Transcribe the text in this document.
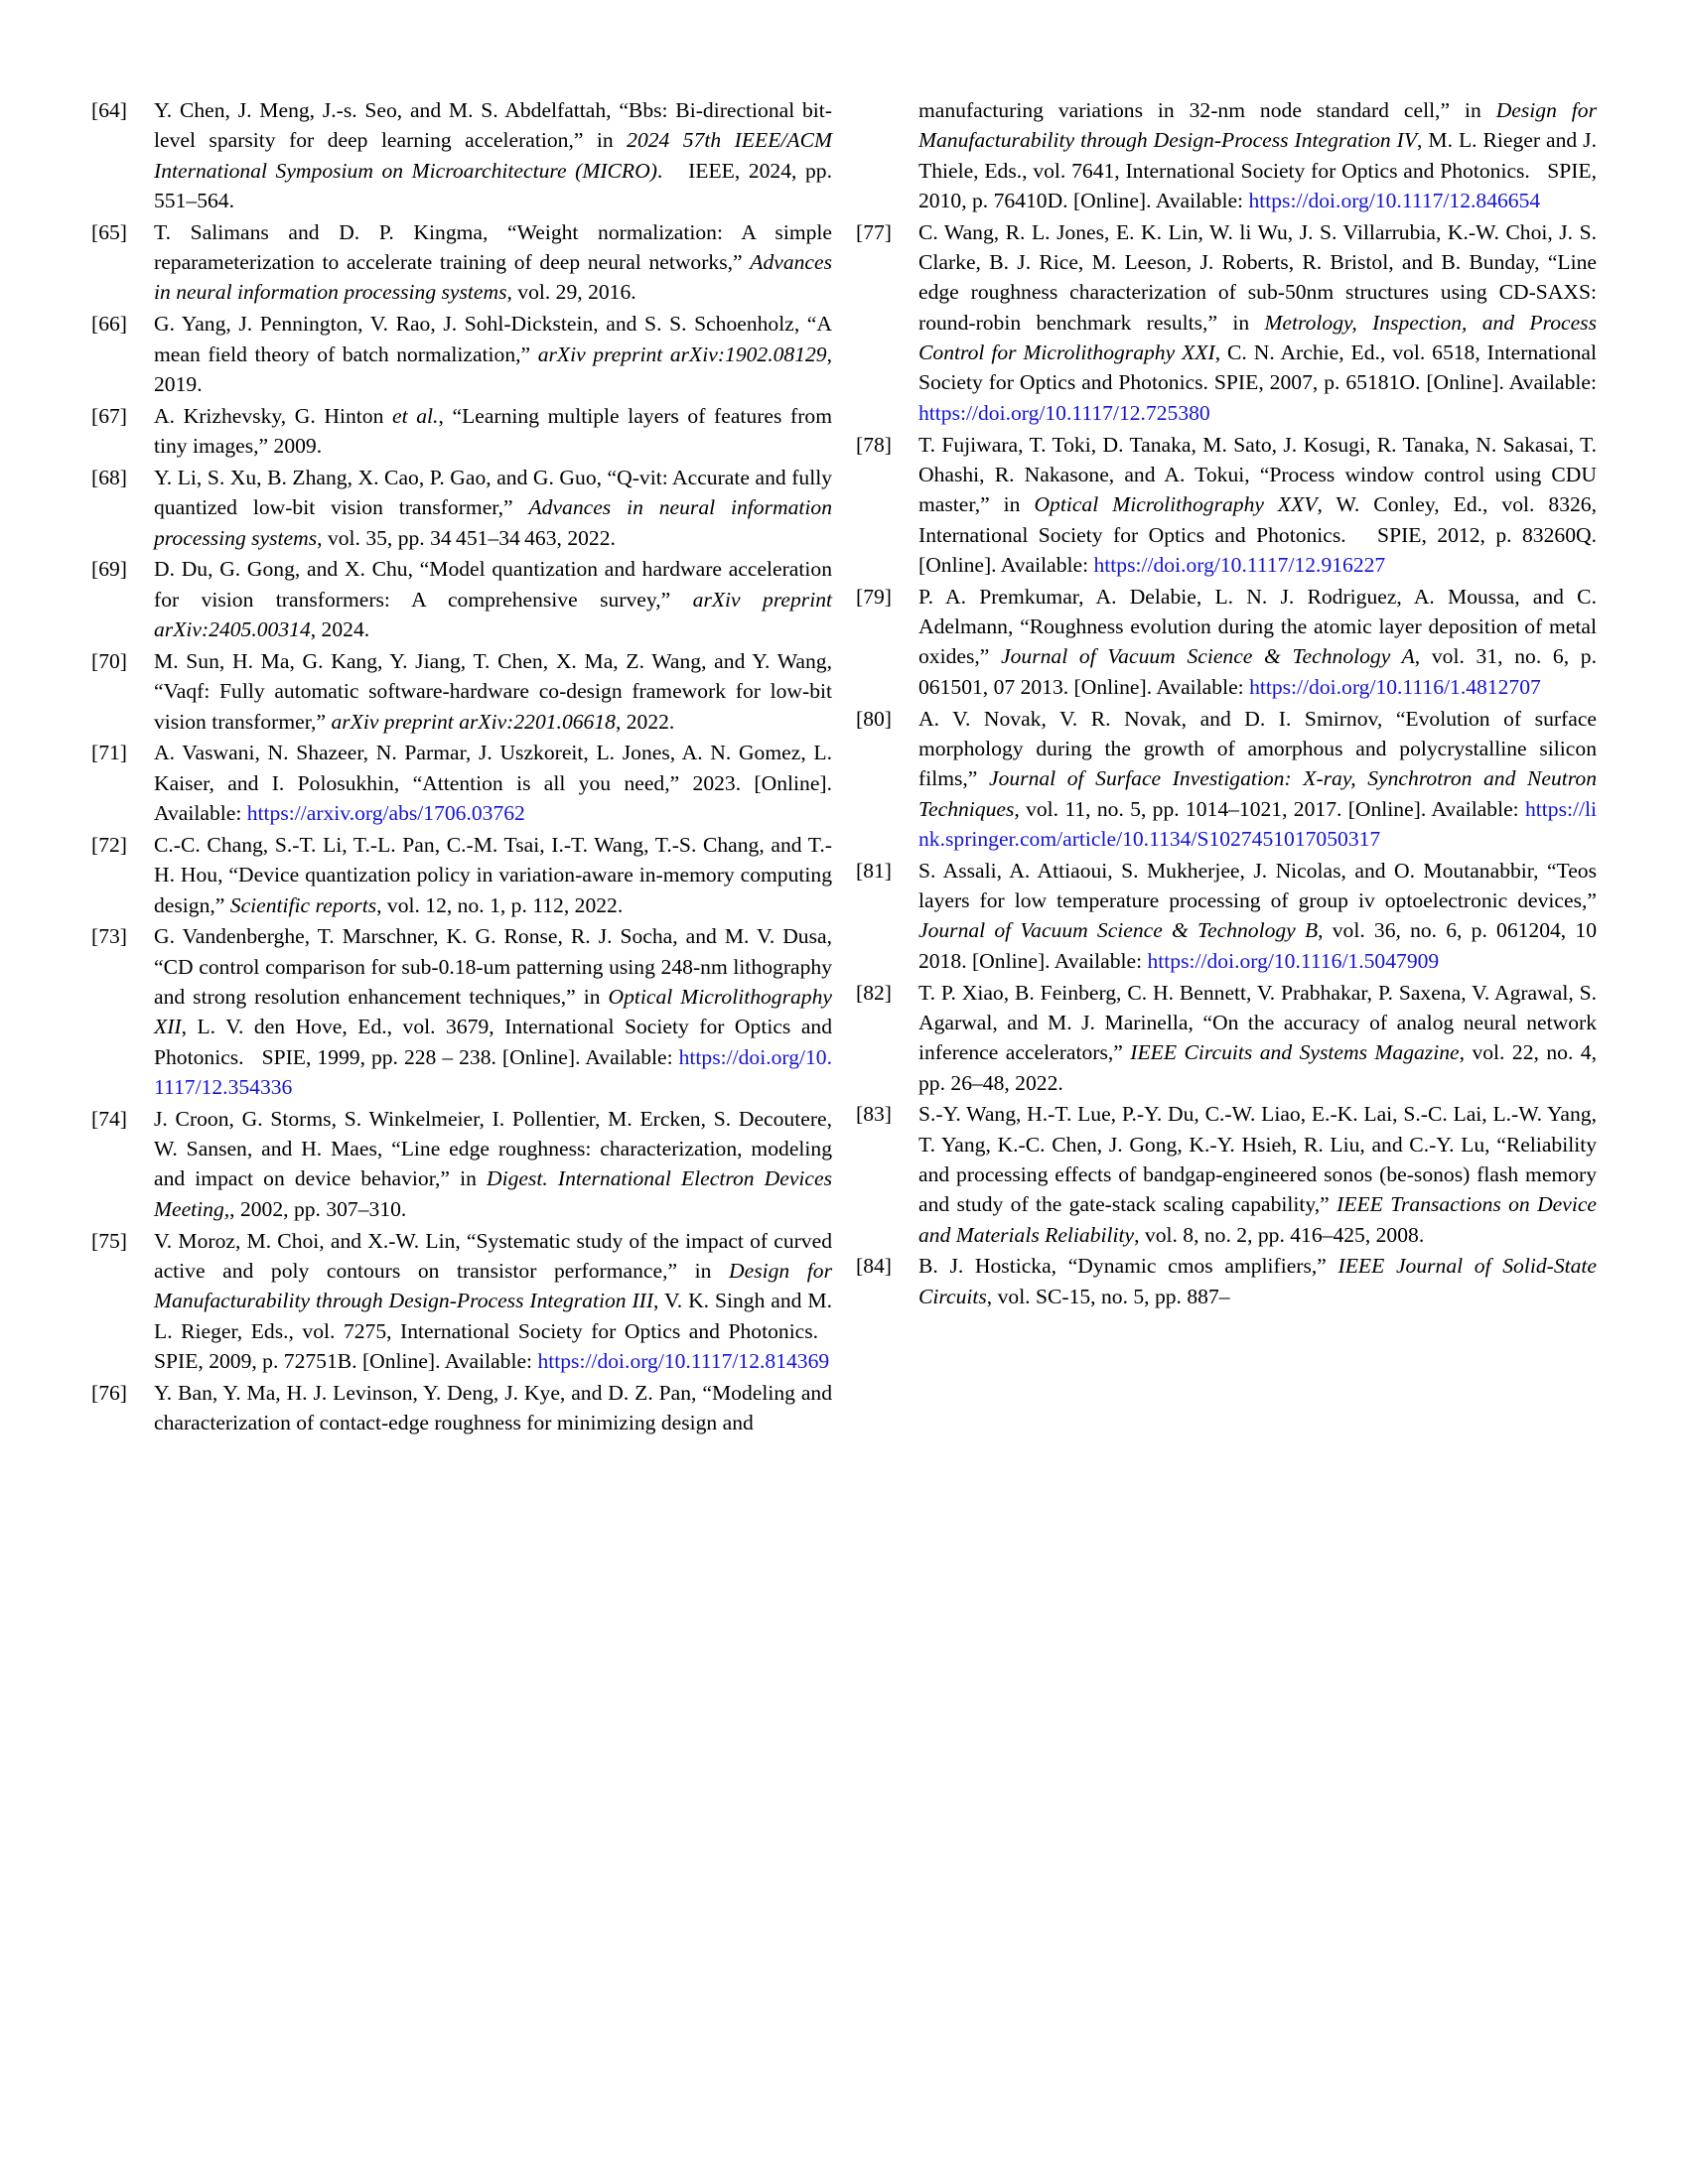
[64]	Y. Chen, J. Meng, J.-s. Seo, and M. S. Abdelfattah, “Bbs: Bi-directional bit-level sparsity for deep learning acceleration,” in 2024 57th IEEE/ACM International Symposium on Microarchitecture (MICRO).   IEEE, 2024, pp. 551–564.
[65]	T. Salimans and D. P. Kingma, “Weight normalization: A simple reparameterization to accelerate training of deep neural networks,” Advances in neural information processing systems, vol. 29, 2016.
[66]	G. Yang, J. Pennington, V. Rao, J. Sohl-Dickstein, and S. S. Schoenholz, “A mean field theory of batch normalization,” arXiv preprint arXiv:1902.08129, 2019.
[67]	A. Krizhevsky, G. Hinton et al., “Learning multiple layers of features from tiny images,” 2009.
[68]	Y. Li, S. Xu, B. Zhang, X. Cao, P. Gao, and G. Guo, “Q-vit: Accurate and fully quantized low-bit vision transformer,” Advances in neural information processing systems, vol. 35, pp. 34 451–34 463, 2022.
[69]	D. Du, G. Gong, and X. Chu, “Model quantization and hardware acceleration for vision transformers: A comprehensive survey,” arXiv preprint arXiv:2405.00314, 2024.
[70]	M. Sun, H. Ma, G. Kang, Y. Jiang, T. Chen, X. Ma, Z. Wang, and Y. Wang, “Vaqf: Fully automatic software-hardware co-design framework for low-bit vision transformer,” arXiv preprint arXiv:2201.06618, 2022.
[71]	A. Vaswani, N. Shazeer, N. Parmar, J. Uszkoreit, L. Jones, A. N. Gomez, L. Kaiser, and I. Polosukhin, “Attention is all you need,” 2023. [Online]. Available: https://arxiv.org/abs/1706.03762
[72]	C.-C. Chang, S.-T. Li, T.-L. Pan, C.-M. Tsai, I.-T. Wang, T.-S. Chang, and T.-H. Hou, “Device quantization policy in variation-aware in-memory computing design,” Scientific reports, vol. 12, no. 1, p. 112, 2022.
[73]	G. Vandenberghe, T. Marschner, K. G. Ronse, R. J. Socha, and M. V. Dusa, “CD control comparison for sub-0.18-um patterning using 248-nm lithography and strong resolution enhancement techniques,” in Optical Microlithography XII, L. V. den Hove, Ed., vol. 3679, International Society for Optics and Photonics.   SPIE, 1999, pp. 228 – 238. [Online]. Available: https://doi.org/10.1117/12.354336
[74]	J. Croon, G. Storms, S. Winkelmeier, I. Pollentier, M. Ercken, S. Decoutere, W. Sansen, and H. Maes, “Line edge roughness: characterization, modeling and impact on device behavior,” in Digest. International Electron Devices Meeting,, 2002, pp. 307–310.
[75]	V. Moroz, M. Choi, and X.-W. Lin, “Systematic study of the impact of curved active and poly contours on transistor performance,” in Design for Manufacturability through Design-Process Integration III, V. K. Singh and M. L. Rieger, Eds., vol. 7275, International Society for Optics and Photonics.   SPIE, 2009, p. 72751B. [Online]. Available: https://doi.org/10.1117/12.814369
[76]	Y. Ban, Y. Ma, H. J. Levinson, Y. Deng, J. Kye, and D. Z. Pan, “Modeling and characterization of contact-edge roughness for minimizing design and
manufacturing variations in 32-nm node standard cell,” in Design for Manufacturability through Design-Process Integration IV, M. L. Rieger and J. Thiele, Eds., vol. 7641, International Society for Optics and Photonics.   SPIE, 2010, p. 76410D. [Online]. Available: https://doi.org/10.1117/12.846654
[77]	C. Wang, R. L. Jones, E. K. Lin, W. li Wu, J. S. Villarrubia, K.-W. Choi, J. S. Clarke, B. J. Rice, M. Leeson, J. Roberts, R. Bristol, and B. Bunday, “Line edge roughness characterization of sub-50nm structures using CD-SAXS: round-robin benchmark results,” in Metrology, Inspection, and Process Control for Microlithography XXI, C. N. Archie, Ed., vol. 6518, International Society for Optics and Photonics. SPIE, 2007, p. 65181O. [Online]. Available: https://doi.org/10.1117/12.725380
[78]	T. Fujiwara, T. Toki, D. Tanaka, M. Sato, J. Kosugi, R. Tanaka, N. Sakasai, T. Ohashi, R. Nakasone, and A. Tokui, “Process window control using CDU master,” in Optical Microlithography XXV, W. Conley, Ed., vol. 8326, International Society for Optics and Photonics.   SPIE, 2012, p. 83260Q. [Online]. Available: https://doi.org/10.1117/12.916227
[79]	P. A. Premkumar, A. Delabie, L. N. J. Rodriguez, A. Moussa, and C. Adelmann, “Roughness evolution during the atomic layer deposition of metal oxides,” Journal of Vacuum Science & Technology A, vol. 31, no. 6, p. 061501, 07 2013. [Online]. Available: https://doi.org/10.1116/1.4812707
[80]	A. V. Novak, V. R. Novak, and D. I. Smirnov, “Evolution of surface morphology during the growth of amorphous and polycrystalline silicon films,” Journal of Surface Investigation: X-ray, Synchrotron and Neutron Techniques, vol. 11, no. 5, pp. 1014–1021, 2017. [Online]. Available: https://link.springer.com/article/10.1134/S1027451017050317
[81]	S. Assali, A. Attiaoui, S. Mukherjee, J. Nicolas, and O. Moutanabbir, “Teos layers for low temperature processing of group iv optoelectronic devices,” Journal of Vacuum Science & Technology B, vol. 36, no. 6, p. 061204, 10 2018. [Online]. Available: https://doi.org/10.1116/1.5047909
[82]	T. P. Xiao, B. Feinberg, C. H. Bennett, V. Prabhakar, P. Saxena, V. Agrawal, S. Agarwal, and M. J. Marinella, “On the accuracy of analog neural network inference accelerators,” IEEE Circuits and Systems Magazine, vol. 22, no. 4, pp. 26–48, 2022.
[83]	S.-Y. Wang, H.-T. Lue, P.-Y. Du, C.-W. Liao, E.-K. Lai, S.-C. Lai, L.-W. Yang, T. Yang, K.-C. Chen, J. Gong, K.-Y. Hsieh, R. Liu, and C.-Y. Lu, “Reliability and processing effects of bandgap-engineered sonos (be-sonos) flash memory and study of the gate-stack scaling capability,” IEEE Transactions on Device and Materials Reliability, vol. 8, no. 2, pp. 416–425, 2008.
[84]	B. J. Hosticka, “Dynamic cmos amplifiers,” IEEE Journal of Solid-State Circuits, vol. SC-15, no. 5, pp. 887–
